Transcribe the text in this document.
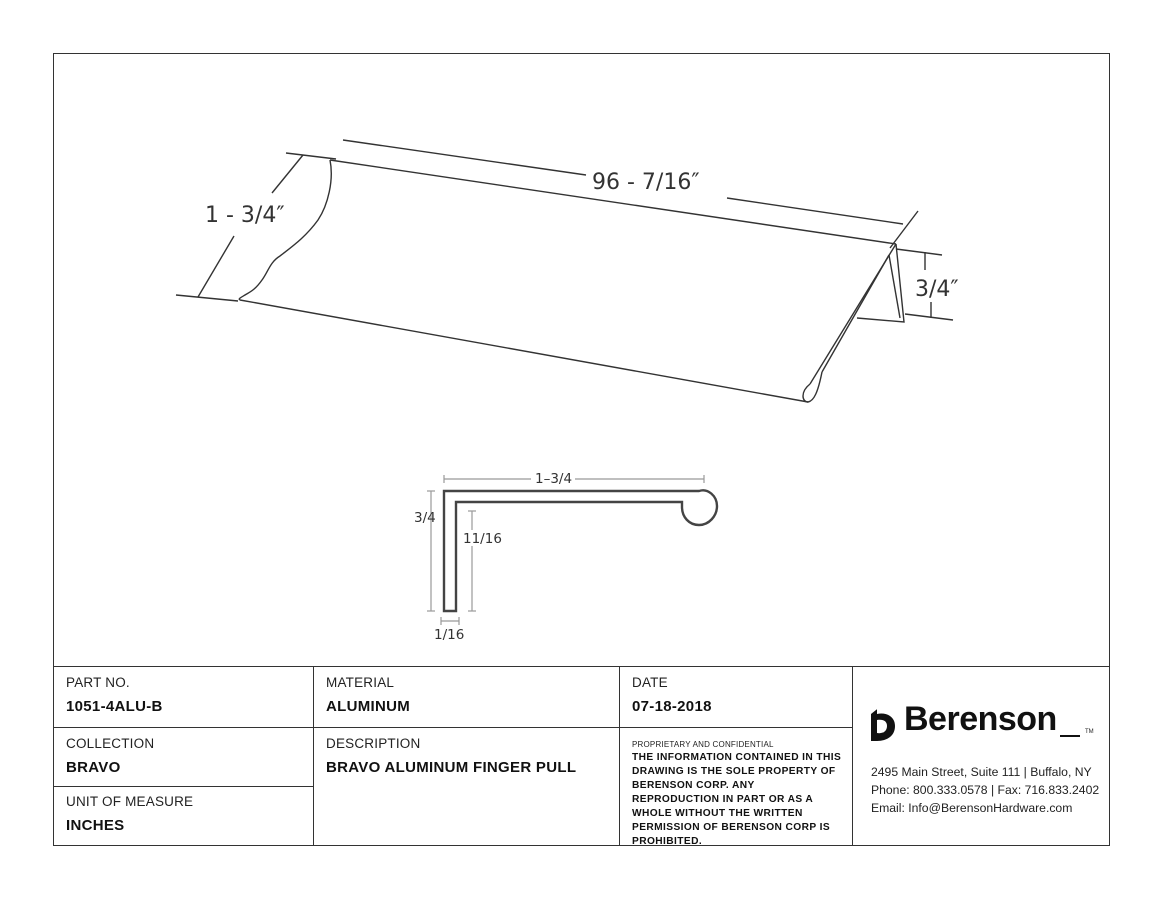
96 - 7/16″
1 - 3/4″
3/4″
1–3/4
3/4
11/16
1/16
PART NO.
1051-4ALU-B
MATERIAL
ALUMINUM
DATE
07-18-2018
COLLECTION
BRAVO
DESCRIPTION
BRAVO ALUMINUM FINGER PULL
UNIT OF MEASURE
INCHES
PROPRIETARY AND CONFIDENTIAL
THE INFORMATION CONTAINED IN THIS DRAWING IS THE SOLE PROPERTY OF BERENSON CORP. ANY REPRODUCTION IN PART OR AS A WHOLE WITHOUT THE WRITTEN PERMISSION OF BERENSON CORP IS PROHIBITED.
Berenson	TM
2495 Main Street, Suite 111 | Buffalo, NY
Phone: 800.333.0578 | Fax: 716.833.2402
Email: Info@BerensonHardware.com
